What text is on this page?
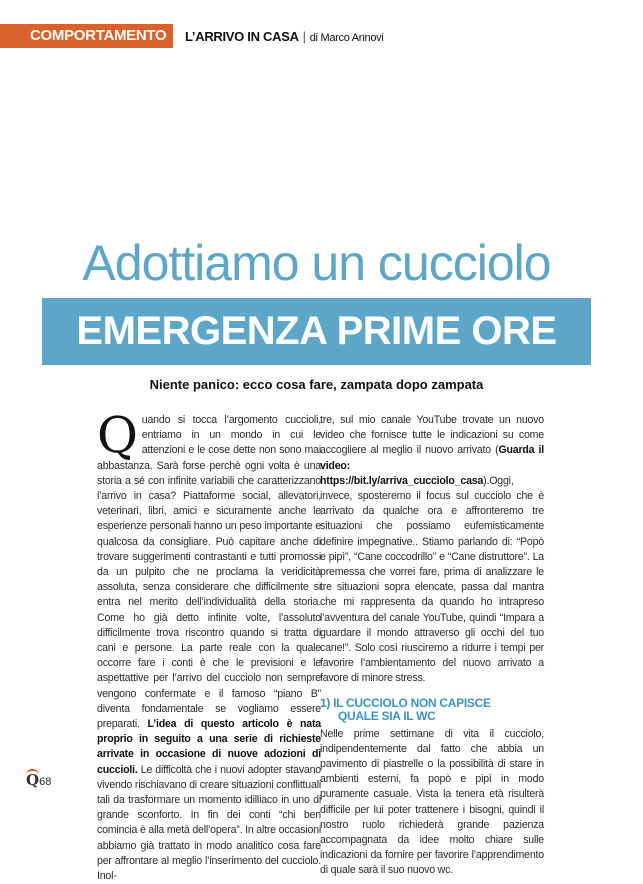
COMPORTAMENTO	L’ARRIVO IN CASA | di Marco Annovi
Adottiamo un cucciolo
EMERGENZA PRIME ORE
Niente panico: ecco cosa fare, zampata dopo zampata
Quando si tocca l’argomento cuccioli, entriamo in un mondo in cui le attenzioni e le cose dette non sono mai abbastanza. Sarà forse perchè ogni volta è una storia a sé con infinite variabili che caratterizzano l’arrivo in casa? Piattaforme social, allevatori, veterinari, libri, amici e sicuramente anche le esperienze personali hanno un peso importante e qualcosa da consigliare. Può capitare anche di trovare suggerimenti contrastanti e tutti promossi da un pulpito che ne proclama la veridicità assoluta, senza considerare che difficilmente si entra nel merito dell’individualità della storia. Come ho già detto infinite volte, l’assoluto difficilmente trova riscontro quando si tratta di cani e persone. La parte reale con la quale occorre fare i conti è che le previsioni e le aspettattive per l’arrivo del cucciolo non sempre vengono confermate e il famoso “piano B” diventa fondamentale se vogliamo essere preparati. L’idea di questo articolo è nata proprio in seguito a una serie di richieste arrivate in occasione di nuove adozioni di cuccioli. Le difficoltà che i nuovi adopter stavano vivendo rischiavano di creare situazioni conflittuali tali da trasformare un momento idilliaco in uno di grande sconforto. In fin dei conti “chi ben comincia è alla metà dell’opera”. In altre occasioni abbiamo già trattato in modo analitico cosa fare per affrontare al meglio l’inserimento del cucciolo. Inol-

tre, sul mio canale YouTube trovate un nuovo video che fornisce tutte le indicazioni su come accogliere al meglio il nuovo arrivato (Guarda il video: https://bit.ly/arriva_cucciolo_casa).Oggi, invece, sposteremo il focus sul cucciolo che è arrivato da qualche ora e affronteremo tre situazioni che possiamo eufemisticamente definire impegnative.. Stiamo parlando di: “Popò e pipì”, “Cane coccodrillo” e “Cane distruttore”. La premessa che vorrei fare, prima di analizzare le tre situazioni sopra elencate, passa dal mantra che mi rappresenta da quando ho intrapreso l’avventura del canale YouTube, quindi “Impara a guardare il mondo attraverso gli occhi del tuo cane!”. Solo così riusciremo a ridurre i tempi per favorire l’ambientamento del nuovo arrivato a favore di minore stress.

1) IL CUCCIOLO NON CAPISCE
QUALE SIA IL WC

Nelle prime settimane di vita il cucciolo, indipendentemente dal fatto che abbia un pavimento di piastrelle o la possibilità di stare in ambienti esterni, fa popò e pipì in modo puramente casuale. Vista la tenera età risulterà difficile per lui poter trattenere i bisogni, quindi il nostro ruolo richiederà grande pazienza accompagnata da idee molto chiare sulle indicazioni da fornire per favorire l’apprendimento di quale sarà il suo nuovo wc.

Q68
